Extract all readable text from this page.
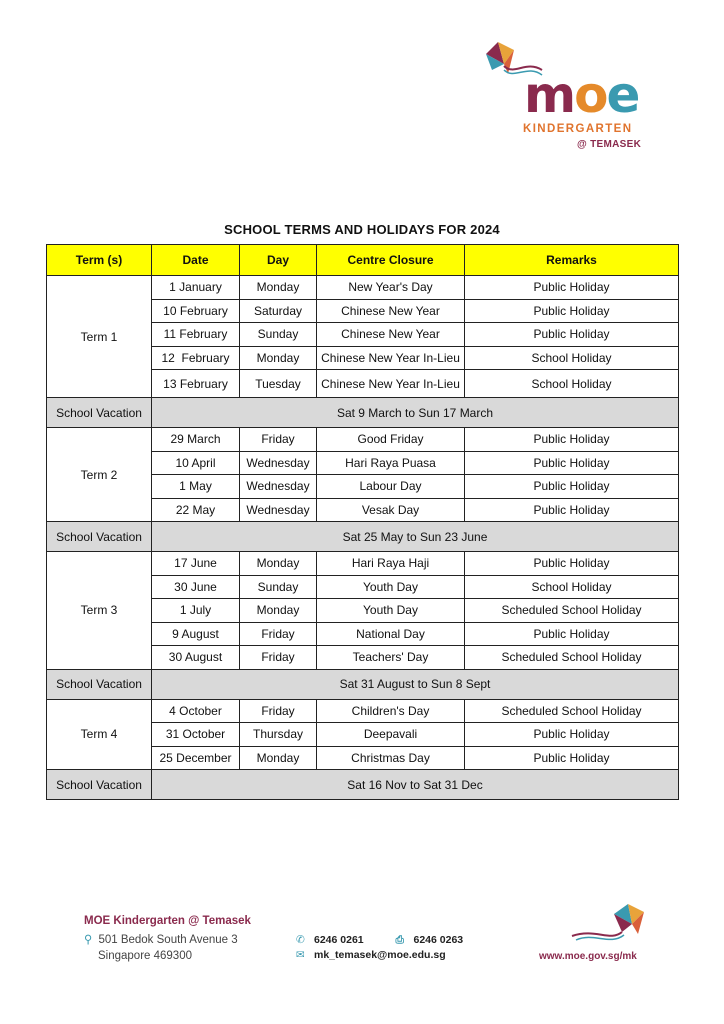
moe
KINDERGARTEN
@ TEMASEK
SCHOOL TERMS AND HOLIDAYS FOR 2024
Term (s)	Date	Day	Centre Closure	Remarks
Term 1	1 January	Monday	New Year's Day	Public Holiday
	10 February	Saturday	Chinese New Year	Public Holiday
	11 February	Sunday	Chinese New Year	Public Holiday
	12  February	Monday	Chinese New Year In-Lieu	School Holiday
	13 February	Tuesday	Chinese New Year In-Lieu	School Holiday
School Vacation	Sat 9 March to Sun 17 March			
Term 2	29 March	Friday	Good Friday	Public Holiday
	10 April	Wednesday	Hari Raya Puasa	Public Holiday
	1 May	Wednesday	Labour Day	Public Holiday
	22 May	Wednesday	Vesak Day	Public Holiday
School Vacation	Sat 25 May to Sun 23 June			
Term 3	17 June	Monday	Hari Raya Haji	Public Holiday
	30 June	Sunday	Youth Day	School Holiday
	1 July	Monday	Youth Day	Scheduled School Holiday
	9 August	Friday	National Day	Public Holiday
	30 August	Friday	Teachers' Day	Scheduled School Holiday
School Vacation	Sat 31 August to Sun 8 Sept			
Term 4	4 October	Friday	Children's Day	Scheduled School Holiday
	31 October	Thursday	Deepavali	Public Holiday
	25 December	Monday	Christmas Day	Public Holiday
School Vacation	Sat 16 Nov to Sat 31 Dec			
MOE Kindergarten @ Temasek
⚲ 501 Bedok South Avenue 3
Singapore 469300
✆ 6246 0261	⎙ 6246 0263
✉ mk_temasek@moe.edu.sg	www.moe.gov.sg/mk
